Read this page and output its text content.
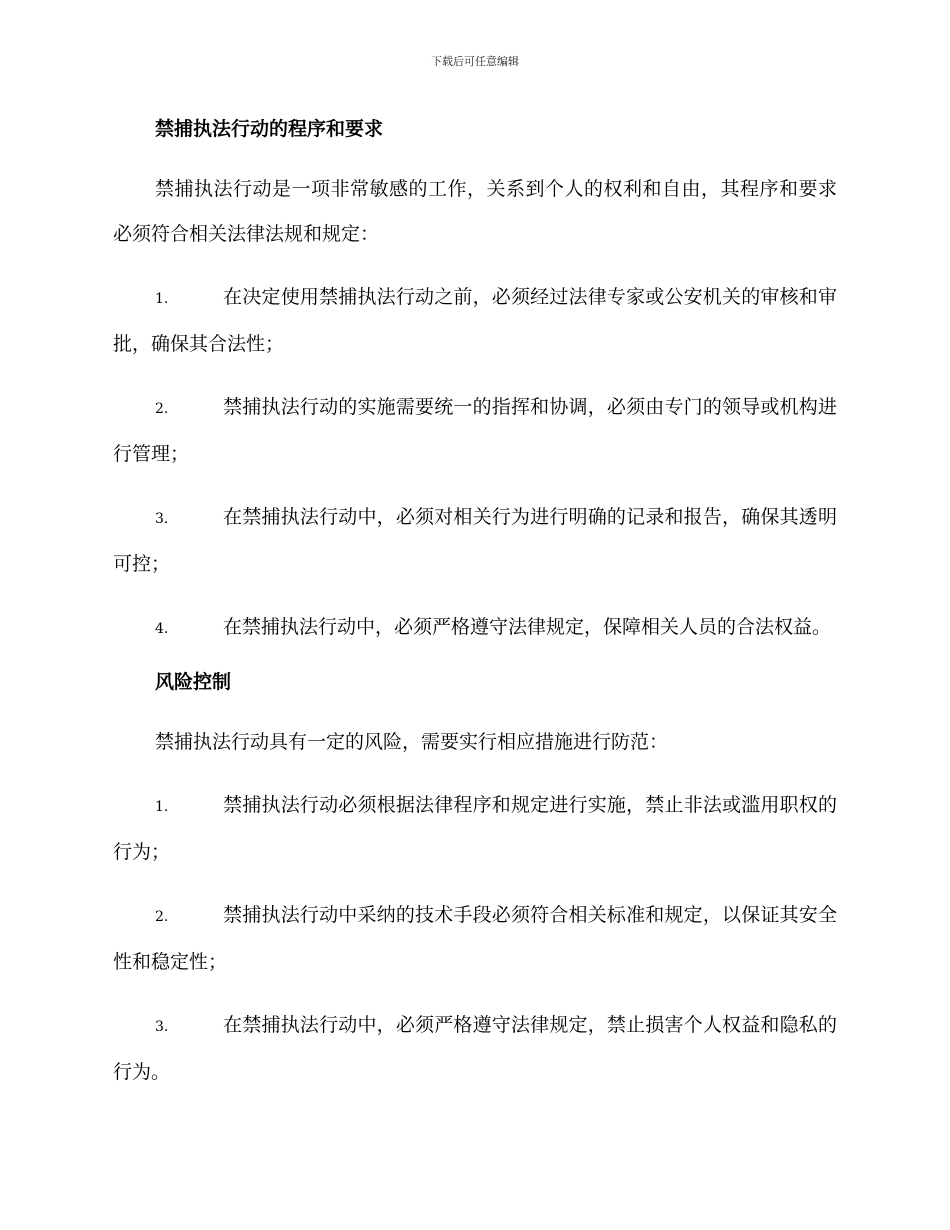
下载后可任意编辑
禁捕执法行动的程序和要求

禁捕执法行动是一项非常敏感的工作，关系到个人的权利和自由，其程序和要求必须符合相关法律法规和规定：

1.	在决定使用禁捕执法行动之前，必须经过法律专家或公安机关的审核和审批，确保其合法性；

2.	禁捕执法行动的实施需要统一的指挥和协调，必须由专门的领导或机构进行管理；

3.	在禁捕执法行动中，必须对相关行为进行明确的记录和报告，确保其透明可控；

4.	在禁捕执法行动中，必须严格遵守法律规定，保障相关人员的合法权益。

风险控制

禁捕执法行动具有一定的风险，需要实行相应措施进行防范：

1.	禁捕执法行动必须根据法律程序和规定进行实施，禁止非法或滥用职权的行为；

2.	禁捕执法行动中采纳的技术手段必须符合相关标准和规定，以保证其安全性和稳定性；

3.	在禁捕执法行动中，必须严格遵守法律规定，禁止损害个人权益和隐私的行为。
